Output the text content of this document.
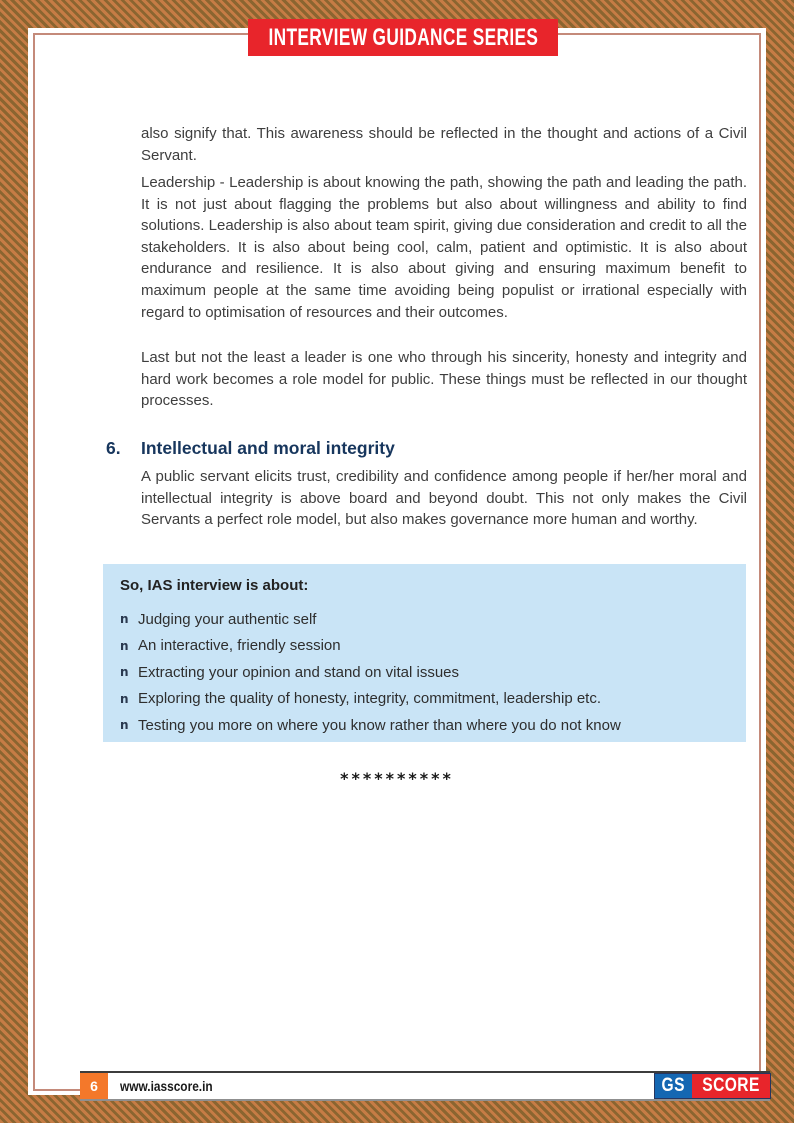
also signify that. This awareness should be reflected in the thought and actions of a Civil Servant.
Leadership - Leadership is about knowing the path, showing the path and leading the path. It is not just about flagging the problems but also about willingness and ability to find solutions. Leadership is also about team spirit, giving due consideration and credit to all the stakeholders. It is also about being cool, calm, patient and optimistic. It is also about endurance and resilience. It is also about giving and ensuring maximum benefit to maximum people at the same time avoiding being populist or irrational especially with regard to optimisation of resources and their outcomes.
Last but not the least a leader is one who through his sincerity, honesty and integrity and hard work becomes a role model for public. These things must be reflected in our thought processes.
6. Intellectual and moral integrity
A public servant elicits trust, credibility and confidence among people if her/her moral and intellectual integrity is above board and beyond doubt. This not only makes the Civil Servants a perfect role model, but also makes governance more human and worthy.
So, IAS interview is about:
n Judging your authentic self
n An interactive, friendly session
n Extracting your opinion and stand on vital issues
n Exploring the quality of honesty, integrity, commitment, leadership etc.
n Testing you more on where you know rather than where you do not know
**********
6	www.iasscore.in	GS SCORE
INTERVIEW GUIDANCE SERIES
